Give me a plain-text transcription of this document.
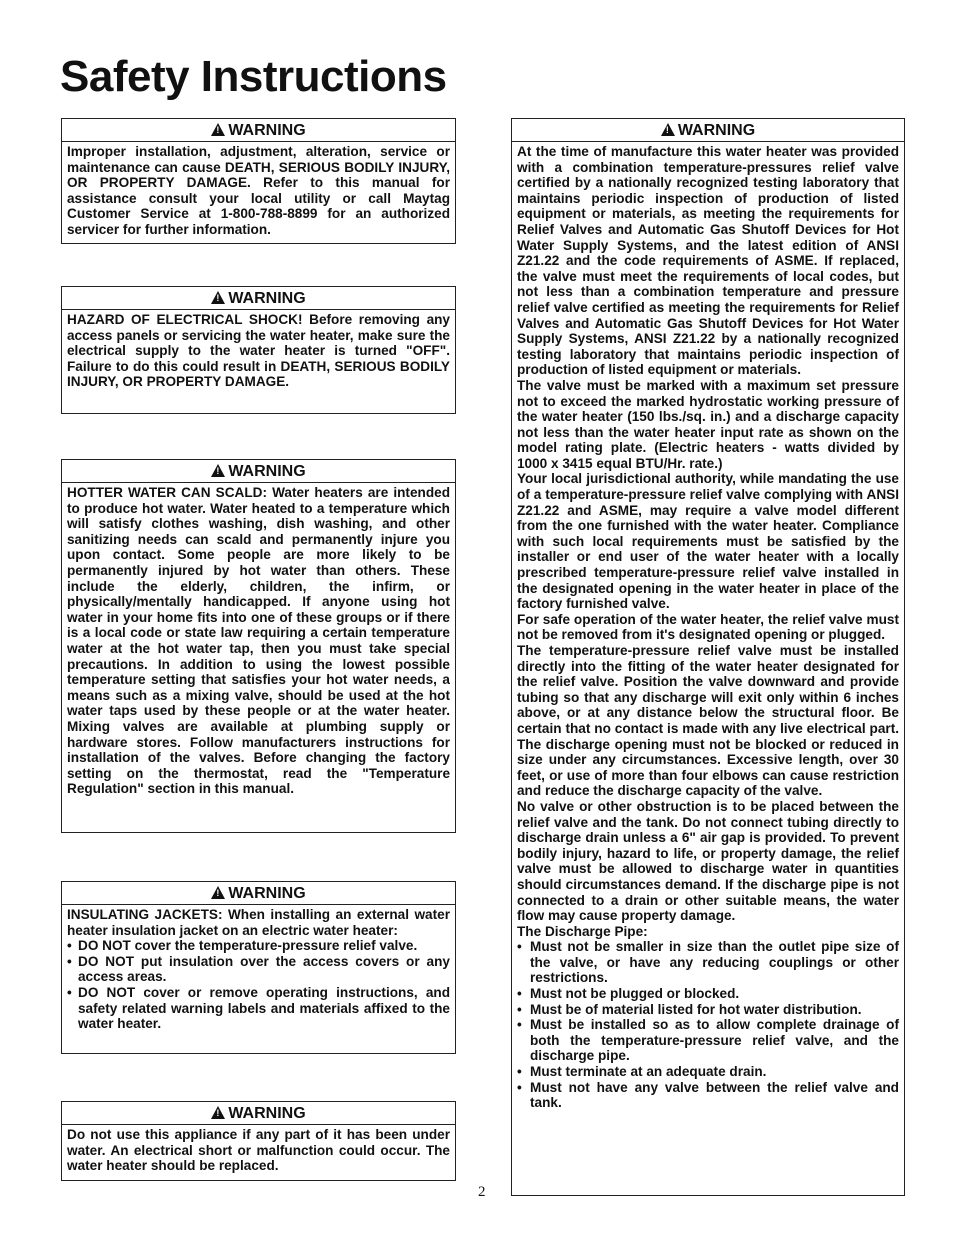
Safety Instructions
!WARNING

Improper installation, adjustment, alteration, service or maintenance can cause DEATH, SERIOUS BODILY INJURY, OR PROPERTY DAMAGE. Refer to this manual for assistance consult your local utility or call Maytag Customer Service at 1-800-788-8899 for an authorized servicer for further information.

!WARNING

HAZARD OF ELECTRICAL SHOCK! Before removing any access panels or servicing the water heater, make sure the electrical supply to the water heater is turned "OFF". Failure to do this could result in DEATH, SERIOUS BODILY INJURY, OR PROPERTY DAMAGE.

!WARNING

HOTTER WATER CAN SCALD: Water heaters are intended to produce hot water. Water heated to a temperature which will satisfy clothes washing, dish washing, and other sanitizing needs can scald and permanently injure you upon contact. Some people are more likely to be permanently injured by hot water than others. These include the elderly, children, the infirm, or physically/mentally handicapped. If anyone using hot water in your home fits into one of these groups or if there is a local code or state law requiring a certain temperature water at the hot water tap, then you must take special precautions. In addition to using the lowest possible temperature setting that satisfies your hot water needs, a means such as a mixing valve, should be used at the hot water taps used by these people or at the water heater. Mixing valves are available at plumbing supply or hardware stores. Follow manufacturers instructions for installation of the valves. Before changing the factory setting on the thermostat, read the "Temperature Regulation" section in this manual.

!WARNING

INSULATING JACKETS: When installing an external water heater insulation jacket on an electric water heater:

• DO NOT cover the temperature-pressure relief valve.
• DO NOT put insulation over the access covers or any access areas.
• DO NOT cover or remove operating instructions, and safety related warning labels and materials affixed to the water heater.
!WARNING

Do not use this appliance if any part of it has been under water. An electrical short or malfunction could occur. The water heater should be replaced.

!WARNING

At the time of manufacture this water heater was provided with a combination temperature-pressures relief valve certified by a nationally recognized testing laboratory that maintains periodic inspection of production of listed equipment or materials, as meeting the requirements for Relief Valves and Automatic Gas Shutoff Devices for Hot Water Supply Systems, and the latest edition of ANSI Z21.22 and the code requirements of ASME. If replaced, the valve must meet the requirements of local codes, but not less than a combination temperature and pressure relief valve certified as meeting the requirements for Relief Valves and Automatic Gas Shutoff Devices for Hot Water Supply Systems, ANSI Z21.22 by a nationally recognized testing laboratory that maintains periodic inspection of production of listed equipment or materials.

The valve must be marked with a maximum set pressure not to exceed the marked hydrostatic working pressure of the water heater (150 lbs./sq. in.) and a discharge capacity not less than the water heater input rate as shown on the model rating plate. (Electric heaters - watts divided by 1000 x 3415 equal BTU/Hr. rate.)

Your local jurisdictional authority, while mandating the use of a temperature-pressure relief valve complying with ANSI Z21.22 and ASME, may require a valve model different from the one furnished with the water heater. Compliance with such local requirements must be satisfied by the installer or end user of the water heater with a locally prescribed temperature-pressure relief valve installed in the designated opening in the water heater in place of the factory furnished valve.

For safe operation of the water heater, the relief valve must not be removed from it's designated opening or plugged.

The temperature-pressure relief valve must be installed directly into the fitting of the water heater designated for the relief valve. Position the valve downward and provide tubing so that any discharge will exit only within 6 inches above, or at any distance below the structural floor. Be certain that no contact is made with any live electrical part. The discharge opening must not be blocked or reduced in size under any circumstances. Excessive length, over 30 feet, or use of more than four elbows can cause restriction and reduce the discharge capacity of the valve.

No valve or other obstruction is to be placed between the relief valve and the tank. Do not connect tubing directly to discharge drain unless a 6" air gap is provided. To prevent bodily injury, hazard to life, or property damage, the relief valve must be allowed to discharge water in quantities should circumstances demand. If the discharge pipe is not connected to a drain or other suitable means, the water flow may cause property damage.

The Discharge Pipe:

• Must not be smaller in size than the outlet pipe size of the valve, or have any reducing couplings or other restrictions.
• Must not be plugged or blocked.
• Must be of material listed for hot water distribution.
• Must be installed so as to allow complete drainage of both the temperature-pressure relief valve, and the discharge pipe.
• Must terminate at an adequate drain.
• Must not have any valve between the relief valve and tank.
2
